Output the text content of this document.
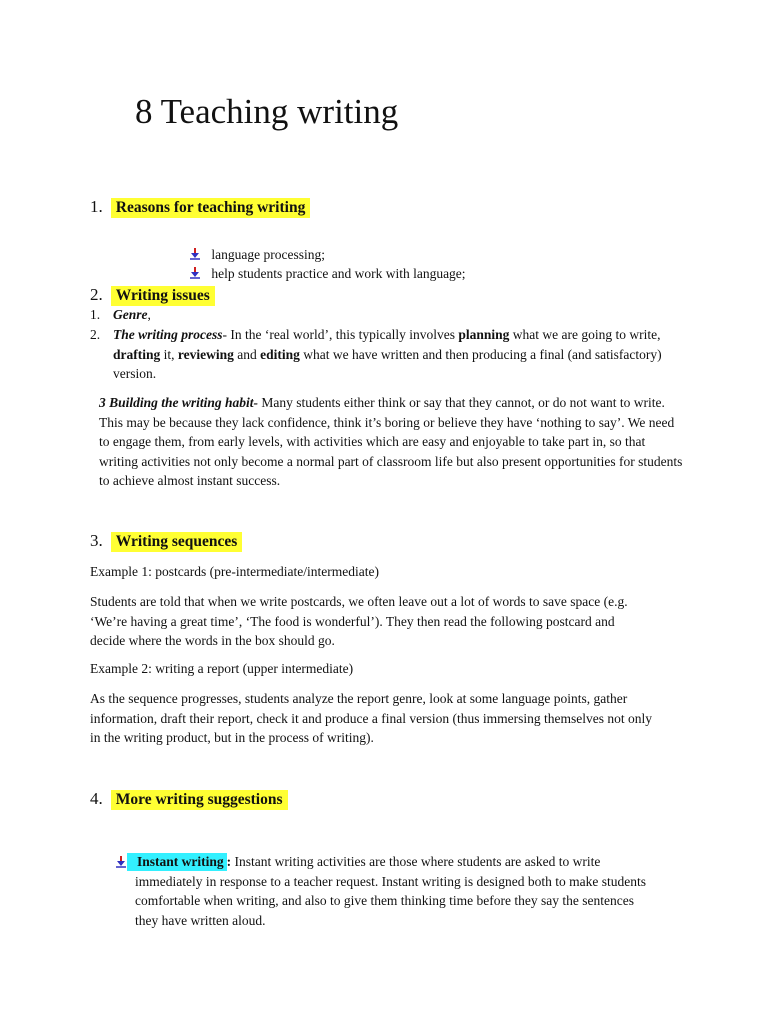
8 Teaching writing
1. Reasons for teaching writing
language processing;
help students practice and work with language;
2. Writing issues
1. Genre,
2. The writing process- In the ‘real world’, this typically involves planning what we are going to write, drafting it, reviewing and editing what we have written and then producing a final (and satisfactory) version.
3 Building the writing habit- Many students either think or say that they cannot, or do not want to write. This may be because they lack confidence, think it’s boring or believe they have ‘nothing to say’. We need to engage them, from early levels, with activities which are easy and enjoyable to take part in, so that writing activities not only become a normal part of classroom life but also present opportunities for students to achieve almost instant success.
3. Writing sequences
Example 1: postcards (pre-intermediate/intermediate)
Students are told that when we write postcards, we often leave out a lot of words to save space (e.g. ‘We’re having a great time’, ‘The food is wonderful’). They then read the following postcard and decide where the words in the box should go.
Example 2: writing a report (upper intermediate)
As the sequence progresses, students analyze the report genre, look at some language points, gather information, draft their report, check it and produce a final version (thus immersing themselves not only in the writing product, but in the process of writing).
4. More writing suggestions
Instant writing : Instant writing activities are those where students are asked to write immediately in response to a teacher request. Instant writing is designed both to make students comfortable when writing, and also to give them thinking time before they say the sentences they have written aloud.
